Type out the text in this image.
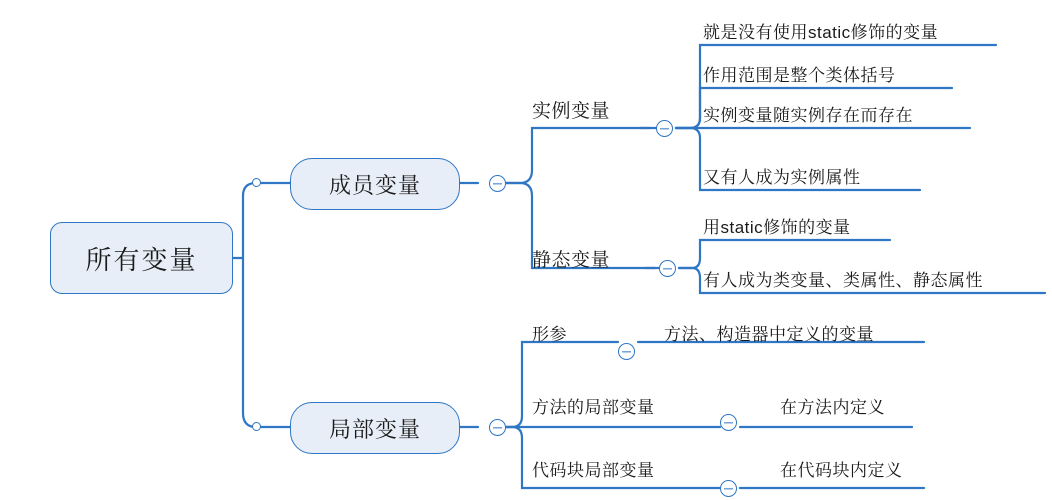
所有变量
成员变量
局部变量
实例变量
静态变量
就是没有使用static修饰的变量
作用范围是整个类体括号
实例变量随实例存在而存在
又有人成为实例属性
用static修饰的变量
有人成为类变量、类属性、静态属性
形参	方法、构造器中定义的变量
方法的局部变量	在方法内定义
代码块局部变量	在代码块内定义
